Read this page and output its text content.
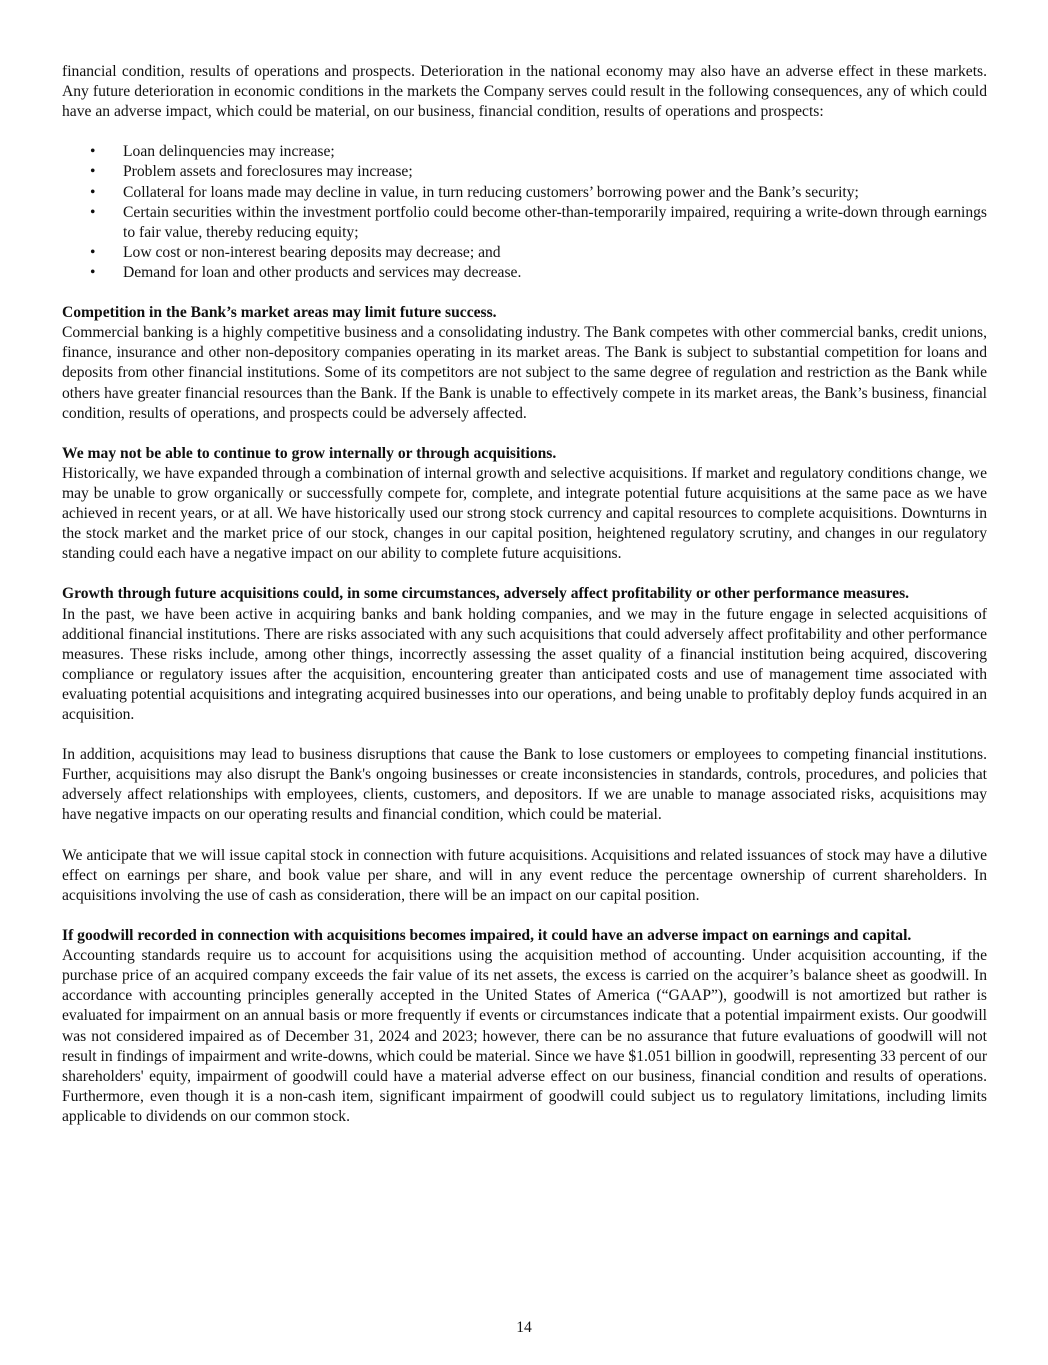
financial condition, results of operations and prospects. Deterioration in the national economy may also have an adverse effect in these markets. Any future deterioration in economic conditions in the markets the Company serves could result in the following consequences, any of which could have an adverse impact, which could be material, on our business, financial condition, results of operations and prospects:

• Loan delinquencies may increase;
• Problem assets and foreclosures may increase;
• Collateral for loans made may decline in value, in turn reducing customers’ borrowing power and the Bank’s security;
• Certain securities within the investment portfolio could become other-than-temporarily impaired, requiring a write-down through earnings to fair value, thereby reducing equity;
• Low cost or non-interest bearing deposits may decrease; and
• Demand for loan and other products and services may decrease.
Competition in the Bank’s market areas may limit future success.

Commercial banking is a highly competitive business and a consolidating industry. The Bank competes with other commercial banks, credit unions, finance, insurance and other non-depository companies operating in its market areas. The Bank is subject to substantial competition for loans and deposits from other financial institutions. Some of its competitors are not subject to the same degree of regulation and restriction as the Bank while others have greater financial resources than the Bank. If the Bank is unable to effectively compete in its market areas, the Bank’s business, financial condition, results of operations, and prospects could be adversely affected.

We may not be able to continue to grow internally or through acquisitions.

Historically, we have expanded through a combination of internal growth and selective acquisitions. If market and regulatory conditions change, we may be unable to grow organically or successfully compete for, complete, and integrate potential future acquisitions at the same pace as we have achieved in recent years, or at all. We have historically used our strong stock currency and capital resources to complete acquisitions. Downturns in the stock market and the market price of our stock, changes in our capital position, heightened regulatory scrutiny, and changes in our regulatory standing could each have a negative impact on our ability to complete future acquisitions.

Growth through future acquisitions could, in some circumstances, adversely affect profitability or other performance measures.

In the past, we have been active in acquiring banks and bank holding companies, and we may in the future engage in selected acquisitions of additional financial institutions. There are risks associated with any such acquisitions that could adversely affect profitability and other performance measures. These risks include, among other things, incorrectly assessing the asset quality of a financial institution being acquired, discovering compliance or regulatory issues after the acquisition, encountering greater than anticipated costs and use of management time associated with evaluating potential acquisitions and integrating acquired businesses into our operations, and being unable to profitably deploy funds acquired in an acquisition.

In addition, acquisitions may lead to business disruptions that cause the Bank to lose customers or employees to competing financial institutions. Further, acquisitions may also disrupt the Bank's ongoing businesses or create inconsistencies in standards, controls, procedures, and policies that adversely affect relationships with employees, clients, customers, and depositors. If we are unable to manage associated risks, acquisitions may have negative impacts on our operating results and financial condition, which could be material.

We anticipate that we will issue capital stock in connection with future acquisitions. Acquisitions and related issuances of stock may have a dilutive effect on earnings per share, and book value per share, and will in any event reduce the percentage ownership of current shareholders. In acquisitions involving the use of cash as consideration, there will be an impact on our capital position.

If goodwill recorded in connection with acquisitions becomes impaired, it could have an adverse impact on earnings and capital.

Accounting standards require us to account for acquisitions using the acquisition method of accounting. Under acquisition accounting, if the purchase price of an acquired company exceeds the fair value of its net assets, the excess is carried on the acquirer’s balance sheet as goodwill. In accordance with accounting principles generally accepted in the United States of America (“GAAP”), goodwill is not amortized but rather is evaluated for impairment on an annual basis or more frequently if events or circumstances indicate that a potential impairment exists. Our goodwill was not considered impaired as of December 31, 2024 and 2023; however, there can be no assurance that future evaluations of goodwill will not result in findings of impairment and write-downs, which could be material. Since we have $1.051 billion in goodwill, representing 33 percent of our shareholders' equity, impairment of goodwill could have a material adverse effect on our business, financial condition and results of operations. Furthermore, even though it is a non-cash item, significant impairment of goodwill could subject us to regulatory limitations, including limits applicable to dividends on our common stock.

14
